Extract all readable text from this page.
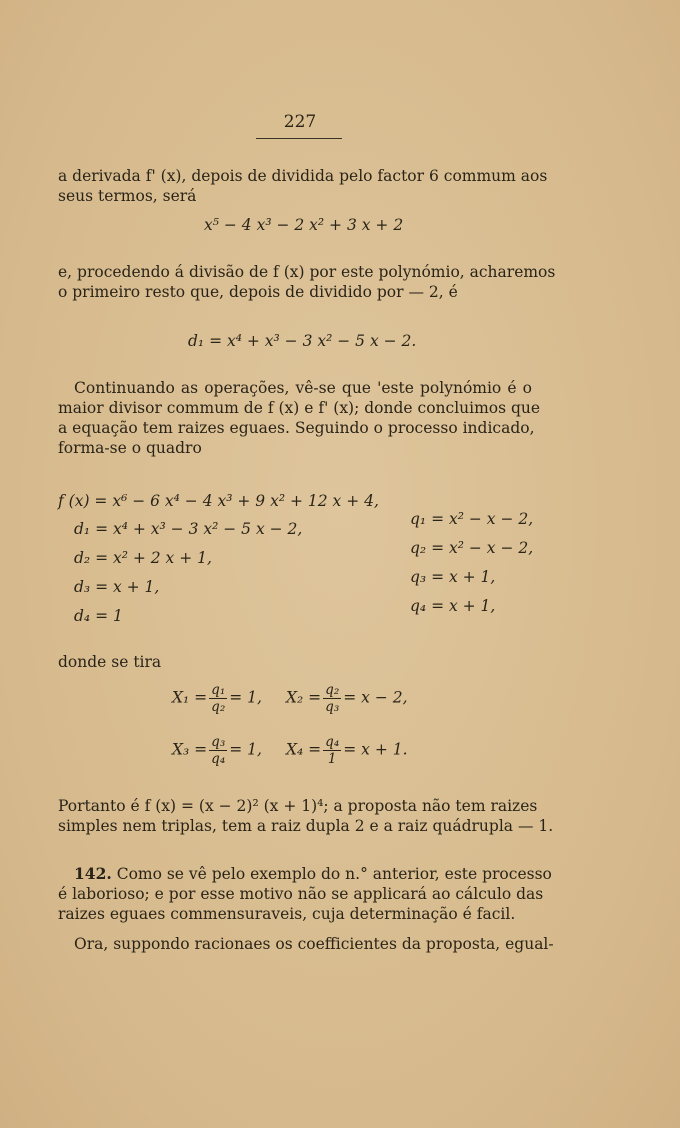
227
a derivada f' (x), depois de dividida pelo factor 6 commum aos
seus termos, será
x⁵ − 4 x³ − 2 x² + 3 x + 2
e, procedendo á divisão de f (x) por este polynómio, acharemos
o primeiro resto que, depois de dividido por — 2, é
d₁ = x⁴ + x³ − 3 x² − 5 x − 2.
Continuando as operações, vê-se que 'este polynómio é o
maior divisor commum de f (x) e f' (x); donde concluimos que
a equação tem raizes eguaes. Seguindo o processo indicado,
forma-se o quadro
f (x) = x⁶ − 6 x⁴ − 4 x³ + 9 x² + 12 x + 4,
d₁ = x⁴ + x³ − 3 x² − 5 x − 2,
d₂ = x² + 2 x + 1,
d₃ = x + 1,
d₄ = 1
q₁ = x² − x − 2,
q₂ = x² − x − 2,
q₃ = x + 1,
q₄ = x + 1,
donde se tira
$X_1 = \frac{\text{q₁}}{\text{q₂}} = 1$, $X_2 = \frac{\text{q₂}}{\text{q₃}} = x - 2$,
$X_3 = \frac{\text{q₃}}{\text{q₄}} = 1$, $X_4 = \frac{\text{q₄}}{1} = x + 1$.
Portanto é f (x) = (x − 2)² (x + 1)⁴; a proposta não tem raizes
simples nem triplas, tem a raiz dupla 2 e a raiz quádrupla — 1.
142. Como se vê pelo exemplo do n.° anterior, este processo
é laborioso; e por esse motivo não se applicará ao cálculo das
raizes eguaes commensuraveis, cuja determinação é facil.
Ora, suppondo racionaes os coefficientes da proposta, egual-
